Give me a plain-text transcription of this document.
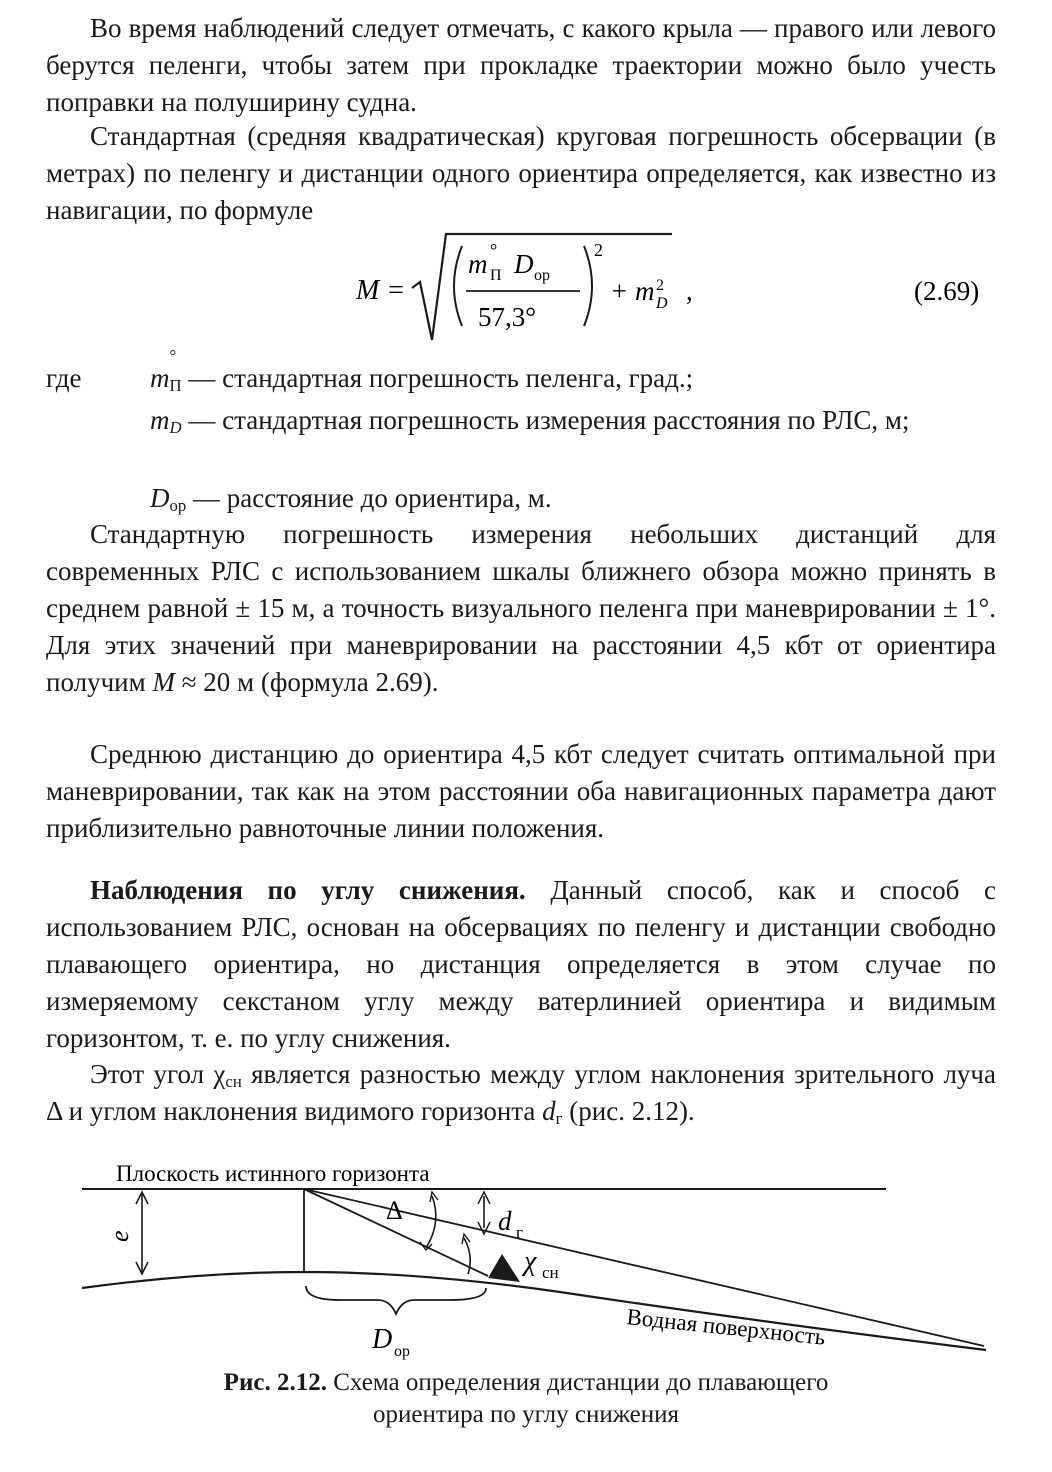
Во время наблюдений следует отмечать, с какого крыла — правого или левого берутся пеленги, чтобы затем при прокладке траектории можно было учесть поправки на полуширину судна.

Стандартная (средняя квадратическая) круговая погрешность обсервации (в метрах) по пеленгу и дистанции одного ориентира определяется, как известно из навигации, по формуле

M =
m П
° D ор
57,3°
2
+ m 2
D ,	(2.69)
где	$m_П$
°
— стандартная погрешность пеленга, град.;
$m_D$ — стандартная погрешность измерения расстояния по РЛС, м;
$D_{ор}$ — расстояние до ориентира, м.

Стандартную погрешность измерения небольших дистанций для современных РЛС с использованием шкалы ближнего обзора можно принять в среднем равной ± 15 м, а точность визуального пеленга при маневрировании ± 1°. Для этих значений при маневрировании на расстоянии 4,5 кбт от ориентира получим M ≈ 20 м (формула 2.69).

Среднюю дистанцию до ориентира 4,5 кбт следует считать оптимальной при маневрировании, так как на этом расстоянии оба навигационных параметра дают приблизительно равноточные линии положения.

Наблюдения по углу снижения. Данный способ, как и способ с использованием РЛС, основан на обсервациях по пеленгу и дистанции свободно плавающего ориентира, но дистанция определяется в этом случае по измеряемому секстаном углу между ватерлинией ориентира и видимым горизонтом, т. е. по углу снижения.

Этот угол $\chi_{сн}$ является разностью между углом наклонения зрительного луча Δ и углом наклонения видимого горизонта $d_г$ (рис. 2.12).

Плоскость истинного горизонта
Водная поверхность
e
Δ	d г
χ сн
D ор
Рис. 2.12. Схема определения дистанции до плавающего
ориентира по углу снижения
